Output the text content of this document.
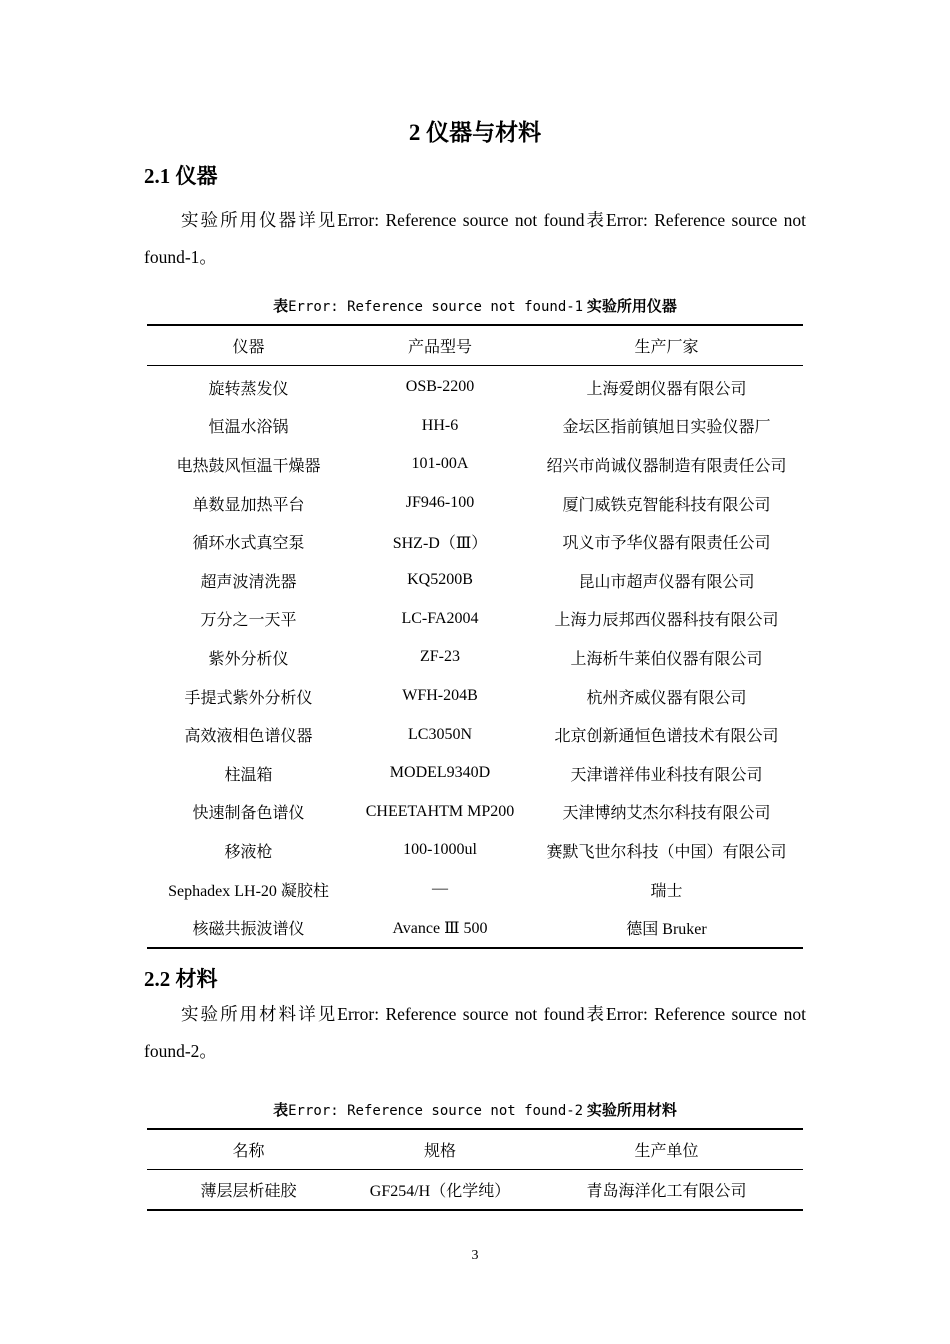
2 仪器与材料
2.1 仪器
实验所用仪器详见Error: Reference source not found表Error: Reference source not found-1。
表Error: Reference source not found-1 实验所用仪器
仪器	产品型号	生产厂家
旋转蒸发仪	OSB-2200	上海爱朗仪器有限公司
恒温水浴锅	HH-6	金坛区指前镇旭日实验仪器厂
电热鼓风恒温干燥器	101-00A	绍兴市尚诚仪器制造有限责任公司
单数显加热平台	JF946-100	厦门威铁克智能科技有限公司
循环水式真空泵	SHZ-D（Ⅲ）	巩义市予华仪器有限责任公司
超声波清洗器	KQ5200B	昆山市超声仪器有限公司
万分之一天平	LC-FA2004	上海力辰邦西仪器科技有限公司
紫外分析仪	ZF-23	上海析牛莱伯仪器有限公司
手提式紫外分析仪	WFH-204B	杭州齐威仪器有限公司
高效液相色谱仪器	LC3050N	北京创新通恒色谱技术有限公司
柱温箱	MODEL9340D	天津谱祥伟业科技有限公司
快速制备色谱仪	CHEETAHTM MP200	天津博纳艾杰尔科技有限公司
移液枪	100-1000ul	赛默飞世尔科技（中国）有限公司
Sephadex LH-20 凝胶柱	—	瑞士
核磁共振波谱仪	Avance Ⅲ 500	德国 Bruker
2.2 材料
实验所用材料详见Error: Reference source not found表Error: Reference source not found-2。
表Error: Reference source not found-2 实验所用材料
名称	规格	生产单位
薄层层析硅胶	GF254/H（化学纯）	青岛海洋化工有限公司
3
